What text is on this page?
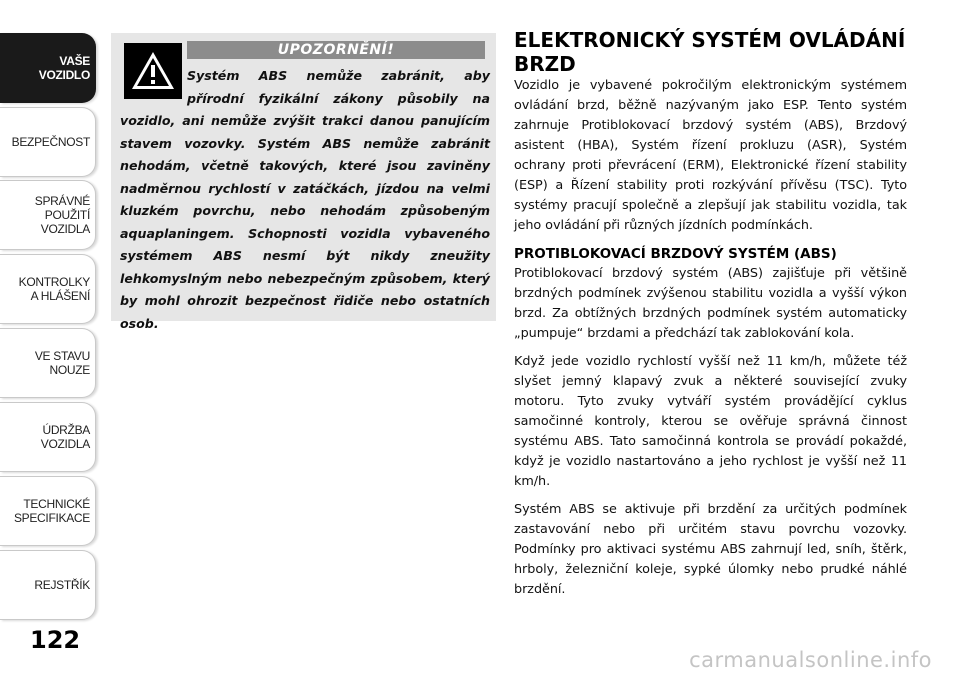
VAŠE
VOZIDLO
BEZPEČNOST
SPRÁVNÉ
POUŽITÍ
VOZIDLA
KONTROLKY
A HLÁŠENÍ
VE STAVU
NOUZE
ÚDRŽBA
VOZIDLA
TECHNICKÉ
SPECIFIKACE
REJSTŘÍK
122
UPOZORNĚNÍ!
Systém ABS nemůže zabránit, aby přírodní fyzikální zákony působily na vozidlo, ani nemůže zvýšit trakci danou panujícím stavem vozovky. Systém ABS nemůže zabránit nehodám, včetně takových, které jsou zaviněny nadměrnou rychlostí v zatáčkách, jízdou na velmi kluzkém povrchu, nebo nehodám způsobeným aquaplaningem. Schopnosti vozidla vybaveného systémem ABS nesmí být nikdy zneužity lehkomyslným nebo nebezpečným způsobem, který by mohl ohrozit bezpečnost řidiče nebo ostatních osob.
ELEKTRONICKÝ SYSTÉM OVLÁDÁNÍ BRZD

Vozidlo je vybavené pokročilým elektronickým systémem ovládání brzd, běžně nazývaným jako ESP. Tento systém zahrnuje Protiblokovací brzdový systém (ABS), Brzdový asistent (HBA), Systém řízení prokluzu (ASR), Systém ochrany proti převrácení (ERM), Elektronické řízení stability (ESP) a Řízení stability proti rozkývání přívěsu (TSC). Tyto systémy pracují společně a zlepšují jak stabilitu vozidla, tak jeho ovládání při různých jízdních podmínkách.

PROTIBLOKOVACÍ BRZDOVÝ SYSTÉM (ABS)

Protiblokovací brzdový systém (ABS) zajišťuje při většině brzdných podmínek zvýšenou stabilitu vozidla a vyšší výkon brzd. Za obtížných brzdných podmínek systém automaticky „pumpuje“ brzdami a předchází tak zablokování kola.

Když jede vozidlo rychlostí vyšší než 11 km/h, můžete též slyšet jemný klapavý zvuk a některé související zvuky motoru. Tyto zvuky vytváří systém provádějící cyklus samočinné kontroly, kterou se ověřuje správná činnost systému ABS. Tato samočinná kontrola se provádí pokaždé, když je vozidlo nastartováno a jeho rychlost je vyšší než 11 km/h.

Systém ABS se aktivuje při brzdění za určitých podmínek zastavování nebo při určitém stavu povrchu vozovky. Podmínky pro aktivaci systému ABS zahrnují led, sníh, štěrk, hrboly, železniční koleje, sypké úlomky nebo prudké náhlé brzdění.

carmanualsonline.info
